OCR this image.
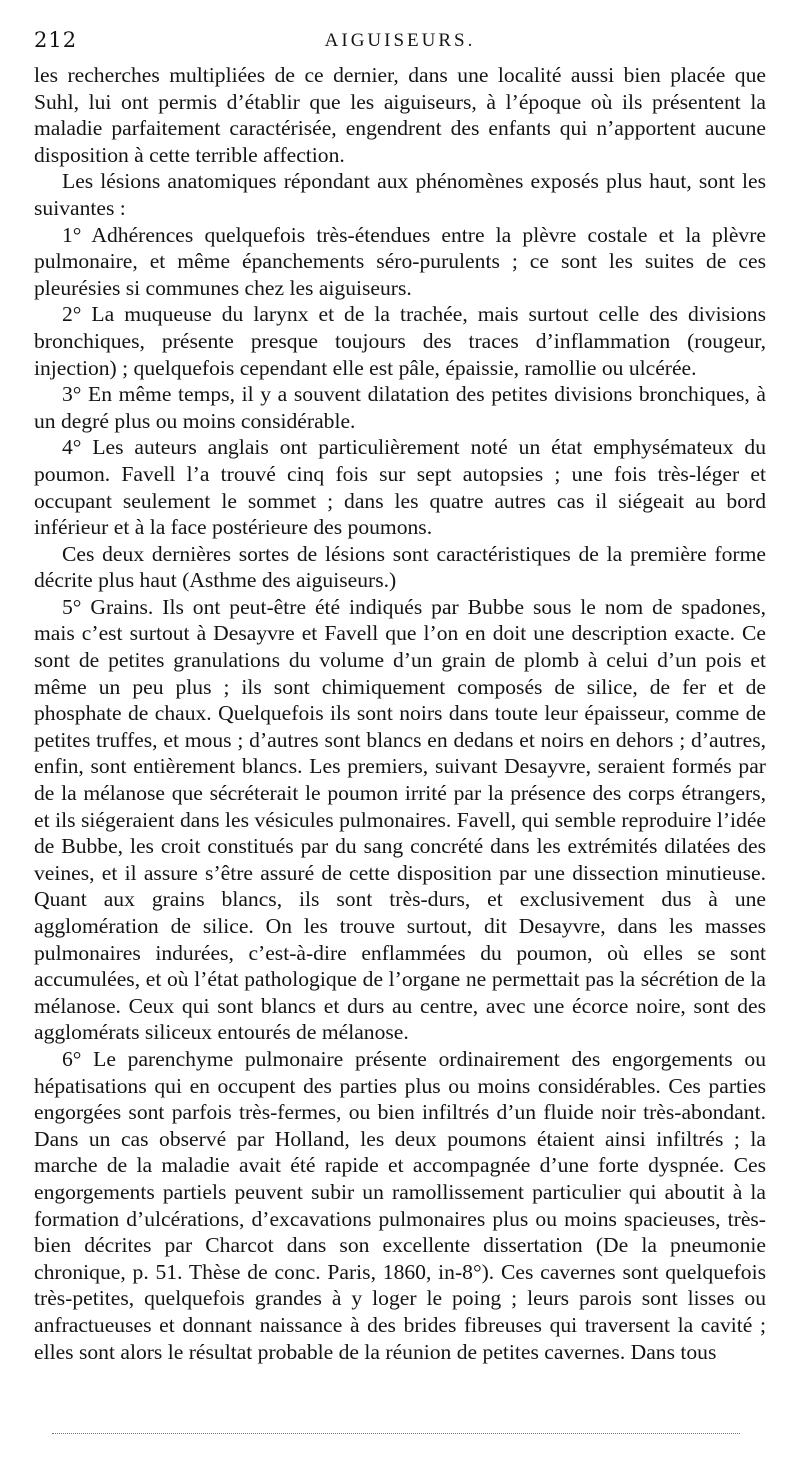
212	AIGUISEURS.

les recherches multipliées de ce dernier, dans une localité aussi bien placée que Suhl, lui ont permis d’établir que les aiguiseurs, à l’époque où ils présentent la maladie parfaitement caractérisée, engendrent des enfants qui n’apportent aucune disposition à cette terrible affection.

Les lésions anatomiques répondant aux phénomènes exposés plus haut, sont les suivantes :

1° Adhérences quelquefois très-étendues entre la plèvre costale et la plèvre pulmonaire, et même épanchements séro-purulents ; ce sont les suites de ces pleurésies si communes chez les aiguiseurs.

2° La muqueuse du larynx et de la trachée, mais surtout celle des divisions bronchiques, présente presque toujours des traces d’inflammation (rougeur, injection) ; quelquefois cependant elle est pâle, épaissie, ramollie ou ulcérée.

3° En même temps, il y a souvent dilatation des petites divisions bronchiques, à un degré plus ou moins considérable.

4° Les auteurs anglais ont particulièrement noté un état emphysémateux du poumon. Favell l’a trouvé cinq fois sur sept autopsies ; une fois très-léger et occupant seulement le sommet ; dans les quatre autres cas il siégeait au bord inférieur et à la face postérieure des poumons.

Ces deux dernières sortes de lésions sont caractéristiques de la première forme décrite plus haut (Asthme des aiguiseurs.)

5° Grains. Ils ont peut-être été indiqués par Bubbe sous le nom de spadones, mais c’est surtout à Desayvre et Favell que l’on en doit une description exacte. Ce sont de petites granulations du volume d’un grain de plomb à celui d’un pois et même un peu plus ; ils sont chimiquement composés de silice, de fer et de phosphate de chaux. Quelquefois ils sont noirs dans toute leur épaisseur, comme de petites truffes, et mous ; d’autres sont blancs en dedans et noirs en dehors ; d’autres, enfin, sont entièrement blancs. Les premiers, suivant Desayvre, seraient formés par de la mélanose que sécréterait le poumon irrité par la présence des corps étrangers, et ils siégeraient dans les vésicules pulmonaires. Favell, qui semble reproduire l’idée de Bubbe, les croit constitués par du sang concrété dans les extrémités dilatées des veines, et il assure s’être assuré de cette disposition par une dissection minutieuse. Quant aux grains blancs, ils sont très-durs, et exclusivement dus à une agglomération de silice. On les trouve surtout, dit Desayvre, dans les masses pulmonaires indurées, c’est-à-dire enflammées du poumon, où elles se sont accumulées, et où l’état pathologique de l’organe ne permettait pas la sécrétion de la mélanose. Ceux qui sont blancs et durs au centre, avec une écorce noire, sont des agglomérats siliceux entourés de mélanose.

6° Le parenchyme pulmonaire présente ordinairement des engorgements ou hépatisations qui en occupent des parties plus ou moins considérables. Ces parties engorgées sont parfois très-fermes, ou bien infiltrés d’un fluide noir très-abondant. Dans un cas observé par Holland, les deux poumons étaient ainsi infiltrés ; la marche de la maladie avait été rapide et accompagnée d’une forte dyspnée. Ces engorgements partiels peuvent subir un ramollissement particulier qui aboutit à la formation d’ulcérations, d’excavations pulmonaires plus ou moins spacieuses, très-bien décrites par Charcot dans son excellente dissertation (De la pneumonie chronique, p. 51. Thèse de conc. Paris, 1860, in-8°). Ces cavernes sont quelquefois très-petites, quelquefois grandes à y loger le poing ; leurs parois sont lisses ou anfractueuses et donnant naissance à des brides fibreuses qui traversent la cavité ; elles sont alors le résultat probable de la réunion de petites cavernes. Dans tous
